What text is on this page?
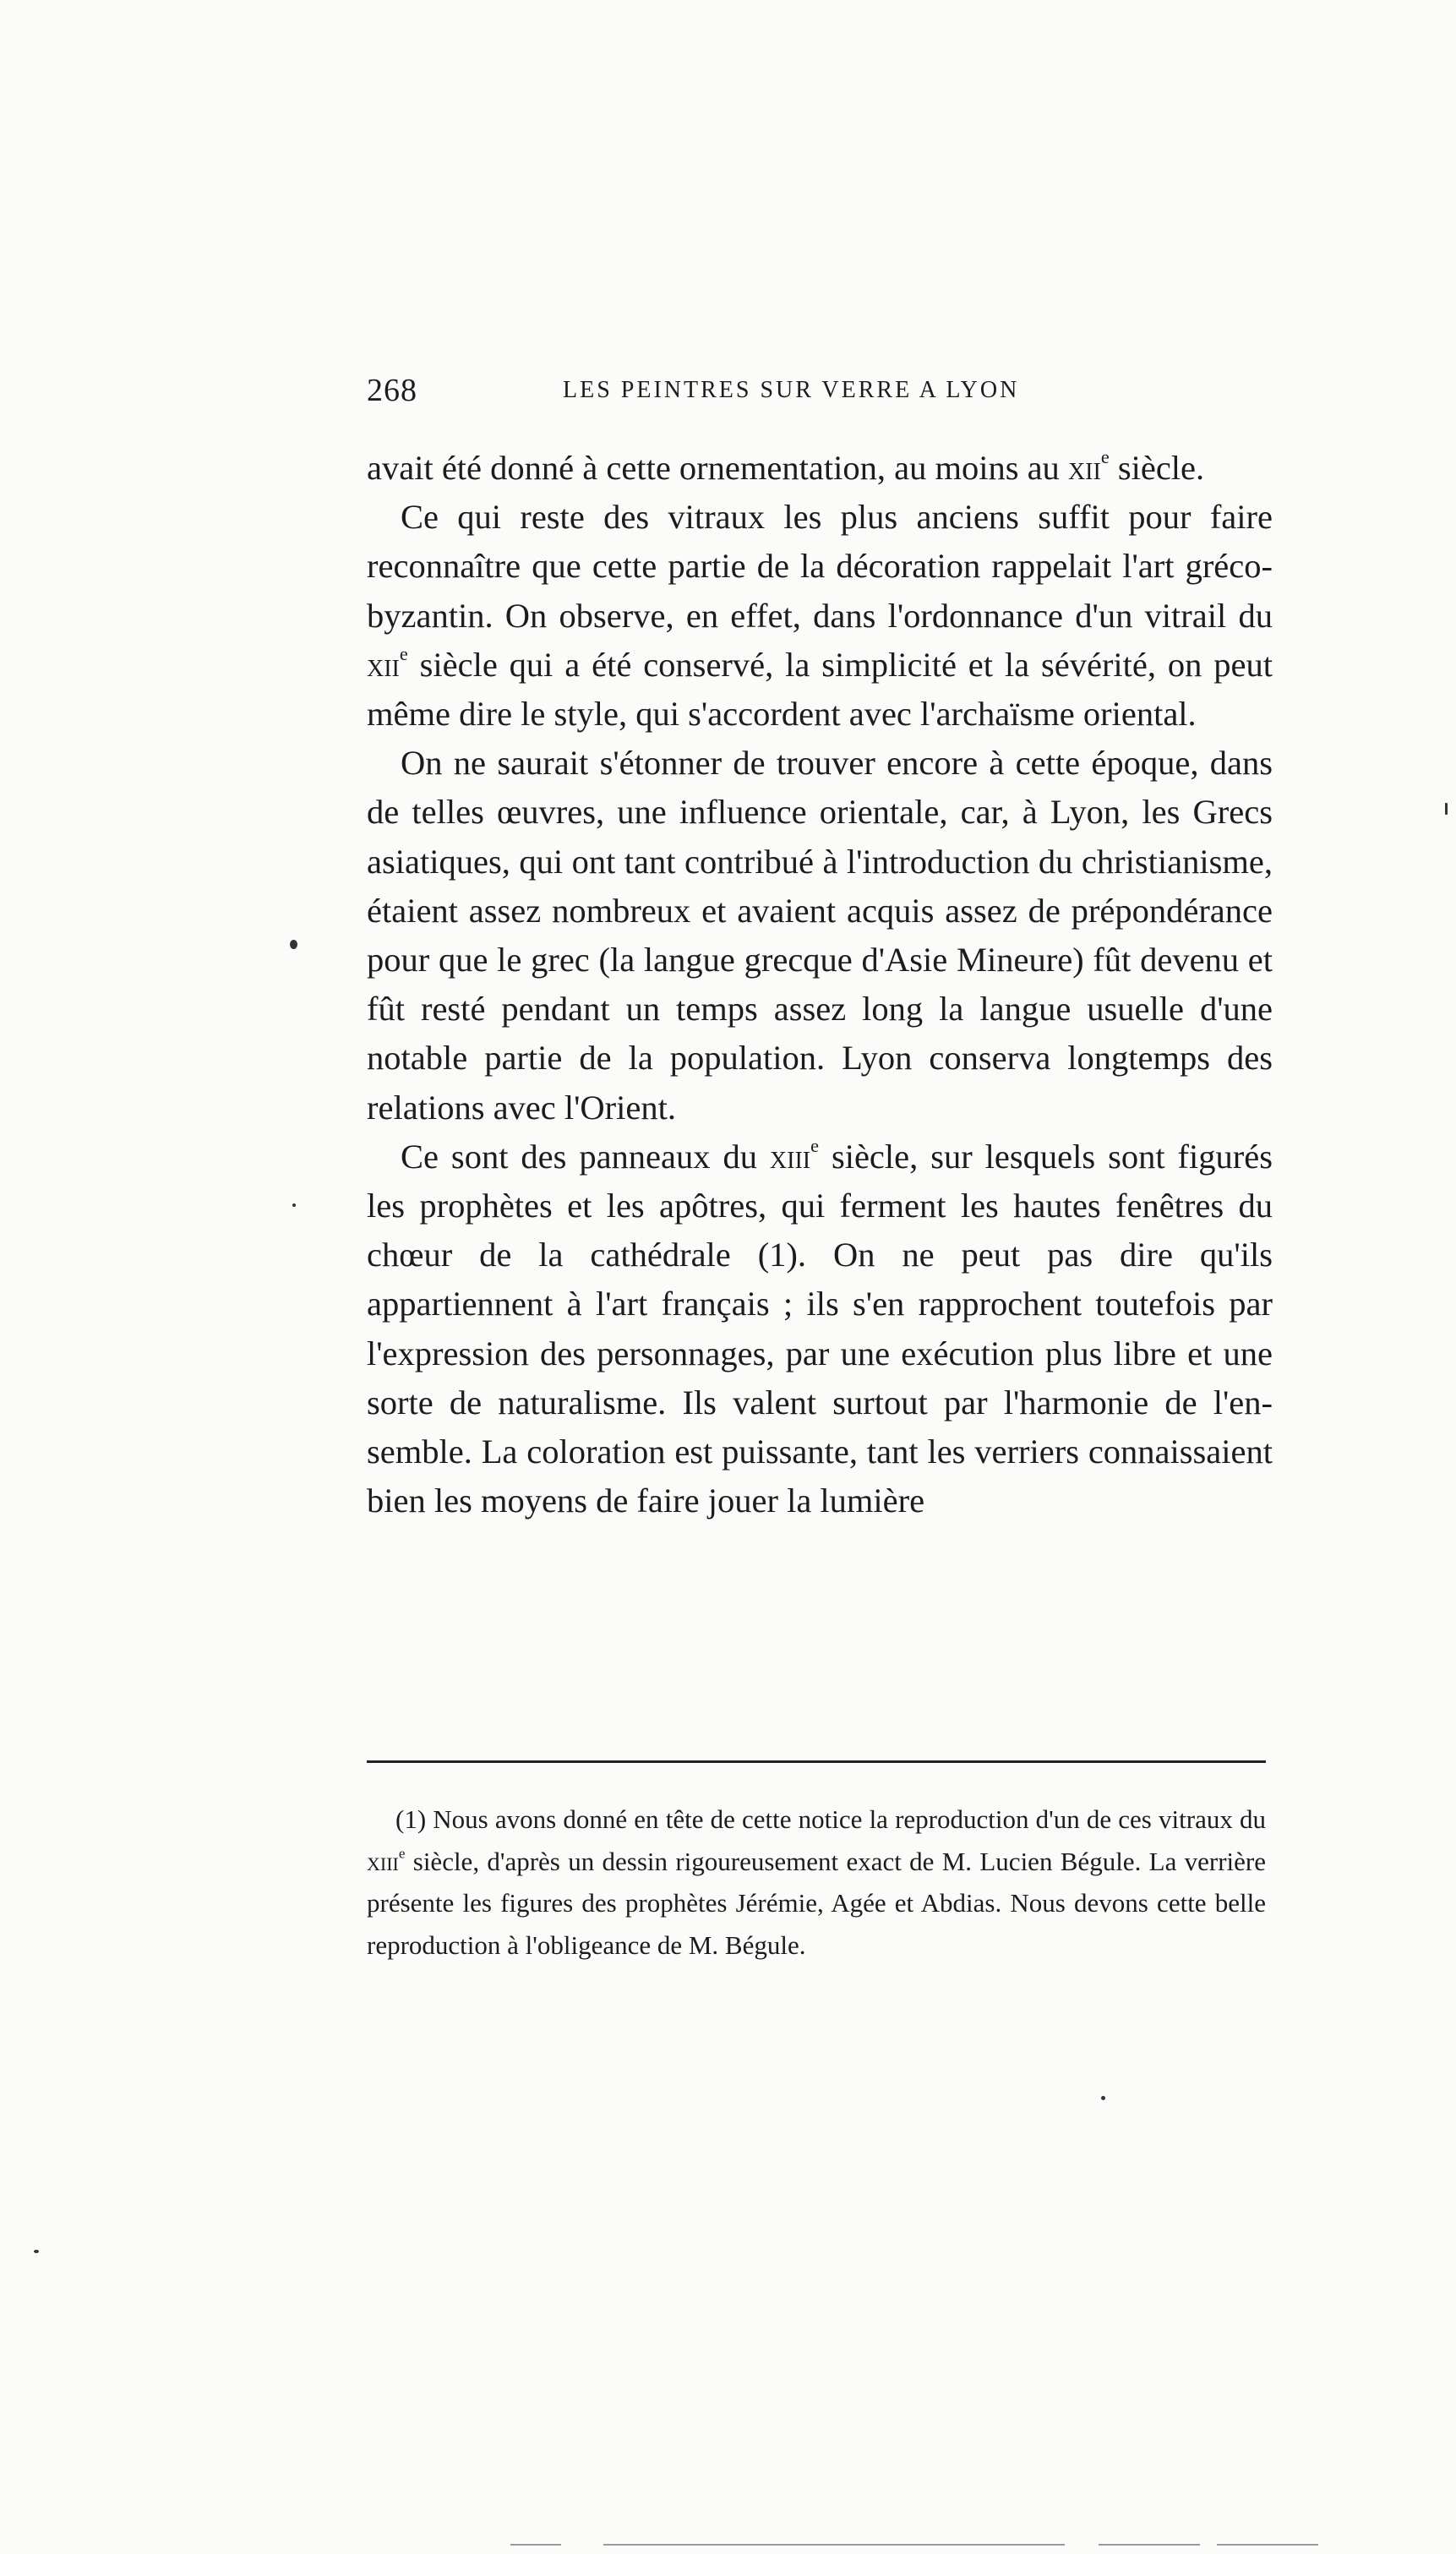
268	LES PEINTRES SUR VERRE A LYON

avait été donné à cette ornementation, au moins au xii$^e$ siècle.

Ce qui reste des vitraux les plus anciens suffit pour faire reconnaître que cette partie de la décoration rappelait l'art gréco-byzantin. On observe, en effet, dans l'ordonnance d'un vitrail du xii$^e$ siècle qui a été conservé, la simplicité et la sévérité, on peut même dire le style, qui s'accordent avec l'archaïsme oriental.

On ne saurait s'étonner de trouver encore à cette époque, dans de telles œuvres, une influence orientale, car, à Lyon, les Grecs asiatiques, qui ont tant contribué à l'introduction du christianisme, étaient assez nombreux et avaient acquis assez de prépondérance pour que le grec (la langue grecque d'Asie Mineure) fût devenu et fût resté pendant un temps assez long la langue usuelle d'une notable partie de la population. Lyon conserva longtemps des relations avec l'Orient.

Ce sont des panneaux du xiii$^e$ siècle, sur lesquels sont figurés les prophètes et les apôtres, qui ferment les hautes fenêtres du chœur de la cathédrale (1). On ne peut pas dire qu'ils appartiennent à l'art français ; ils s'en rapprochent toutefois par l'expression des personnages, par une exécution plus libre et une sorte de naturalisme. Ils valent surtout par l'harmonie de l'ensemble. La coloration est puissante, tant les verriers connaissaient bien les moyens de faire jouer la lumière

(1) Nous avons donné en tête de cette notice la reproduction d'un de ces vitraux du xiii$^e$ siècle, d'après un dessin rigoureusement exact de M. Lucien Bégule. La verrière présente les figures des prophètes Jérémie, Agée et Abdias. Nous devons cette belle reproduction à l'obligeance de M. Bégule.
